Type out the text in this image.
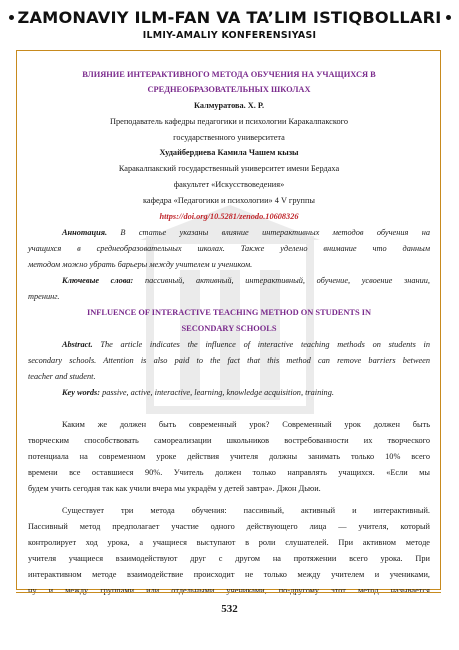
ZAMONAVIY ILM-FAN VA TA’LIM ISTIQBOLLARI
ILMIY-AMALIY KONFERENSIYASI
ВЛИЯНИЕ ИНТЕРАКТИВНОГО МЕТОДА ОБУЧЕНИЯ НА УЧАЩИХСЯ В
СРЕДНЕОБРАЗОВАТЕЛЬНЫХ ШКОЛАХ
Калмуратова. Х. Р.
Преподаватель кафедры педагогики и психологии Каракалпакского
государственного университета
Худайбердиева Камила Чашем кызы
Каракалпакский государственный университет имени Бердаха
факультет «Искусствоведения»
кафедра «Педагогики и психологии» 4 V группы
https://doi.org/10.5281/zenodo.10608326
Аннотация. В статье указаны влияние интерактивных методов обучения на
учащихся в среднеобразовательных школах. Также уделено внимание что данным
методом можно убрать барьеры между учителем и учеником.
Ключевые слова: пассивный, активный, интерактивный, обучение, усвоение знании,
тренинг.
INFLUENCE OF INTERACTIVE TEACHING METHOD ON STUDENTS IN
SECONDARY SCHOOLS
Abstract. The article indicates the influence of interactive teaching methods on students in
secondary schools. Attention is also paid to the fact that this method can remove barriers between
teacher and student.
Key words: passive, active, interactive, learning, knowledge acquisition, training.
Каким же должен быть современный урок? Современный урок должен быть
творческим способствовать самореализации школьников востребованности их творческого
потенциала на современном уроке действия учителя должны занимать только 10% всего
времени все оставшиеся 90%. Учитель должен только направлять учащихся. «Если мы
будем учить сегодня так как учили вчера мы украдём у детей завтра». Джон Дьюи.
Существует три метода обучения: пассивный, активный и интерактивный.
Пассивный метод предполагает участие одного действующего лица — учителя, который
контролирует ход урока, а учащиеся выступают в роли слушателей. При активном методе
учителя учащиеся взаимодействуют друг с другом на протяжении всего урока. При
интерактивном методе взаимодействие происходит не только между учителем и учениками,
ну и между группами или отдельными учениками, по-другому этот метод называется
532
